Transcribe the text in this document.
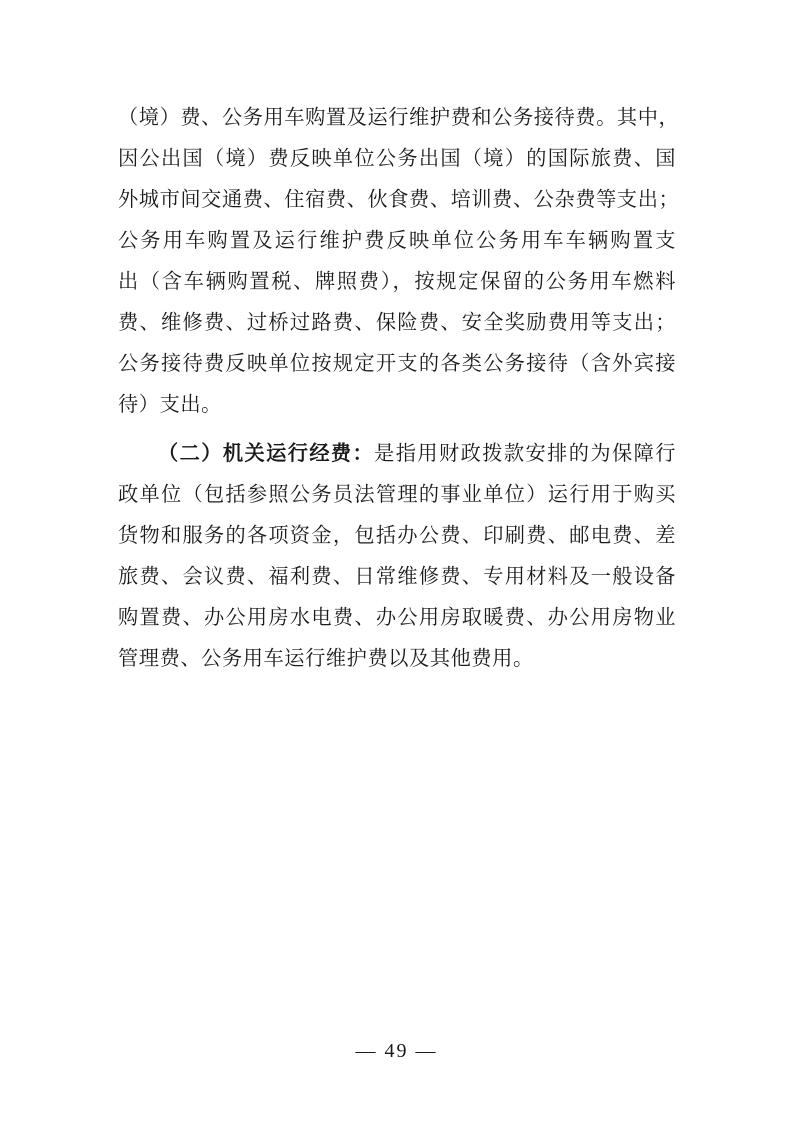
（境）费、公务用车购置及运行维护费和公务接待费。其中，
因公出国（境）费反映单位公务出国（境）的国际旅费、国
外城市间交通费、住宿费、伙食费、培训费、公杂费等支出；
公务用车购置及运行维护费反映单位公务用车车辆购置支
出（含车辆购置税、牌照费），按规定保留的公务用车燃料
费、维修费、过桥过路费、保险费、安全奖励费用等支出；
公务接待费反映单位按规定开支的各类公务接待（含外宾接
待）支出。
（二）机关运行经费：是指用财政拨款安排的为保障行
政单位（包括参照公务员法管理的事业单位）运行用于购买
货物和服务的各项资金，包括办公费、印刷费、邮电费、差
旅费、会议费、福利费、日常维修费、专用材料及一般设备
购置费、办公用房水电费、办公用房取暖费、办公用房物业
管理费、公务用车运行维护费以及其他费用。
— 49 —
